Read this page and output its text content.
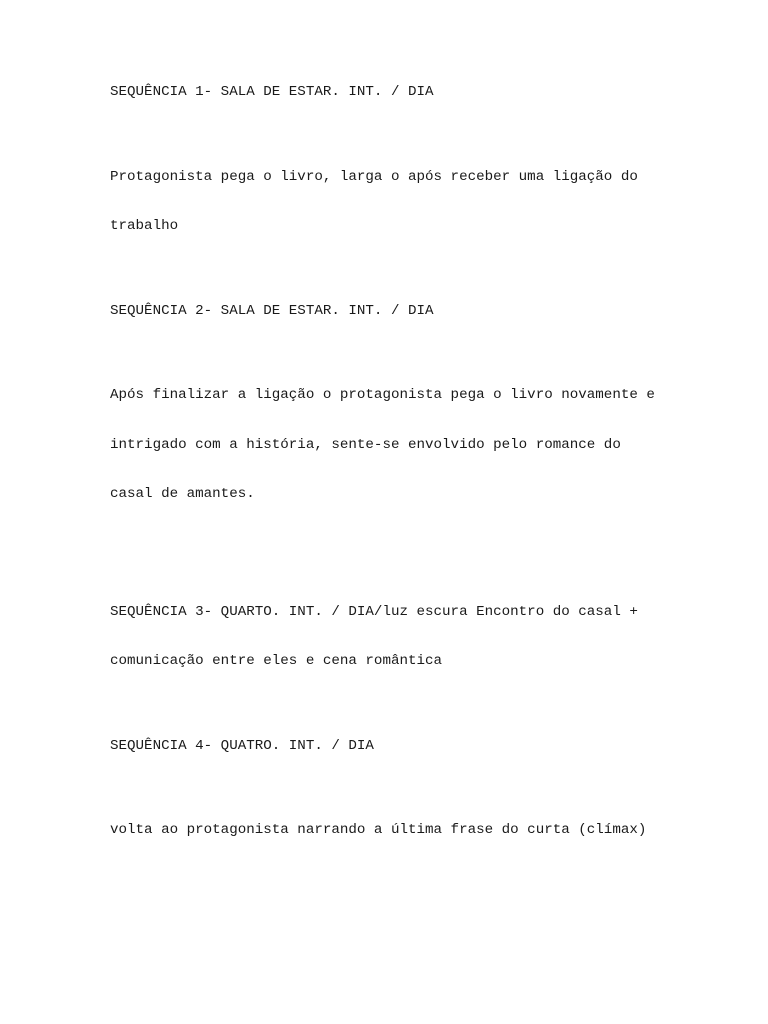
SEQUÊNCIA 1- SALA DE ESTAR. INT. / DIA

Protagonista pega o livro, larga o após receber uma ligação do

trabalho

SEQUÊNCIA 2- SALA DE ESTAR. INT. / DIA

Após finalizar a ligação o protagonista pega o livro novamente e

intrigado com a história, sente-se envolvido pelo romance do

casal de amantes.

SEQUÊNCIA 3- QUARTO. INT. / DIA/luz escura Encontro do casal +

comunicação entre eles e cena romântica

SEQUÊNCIA 4- QUATRO. INT. / DIA

volta ao protagonista narrando a última frase do curta (clímax)
